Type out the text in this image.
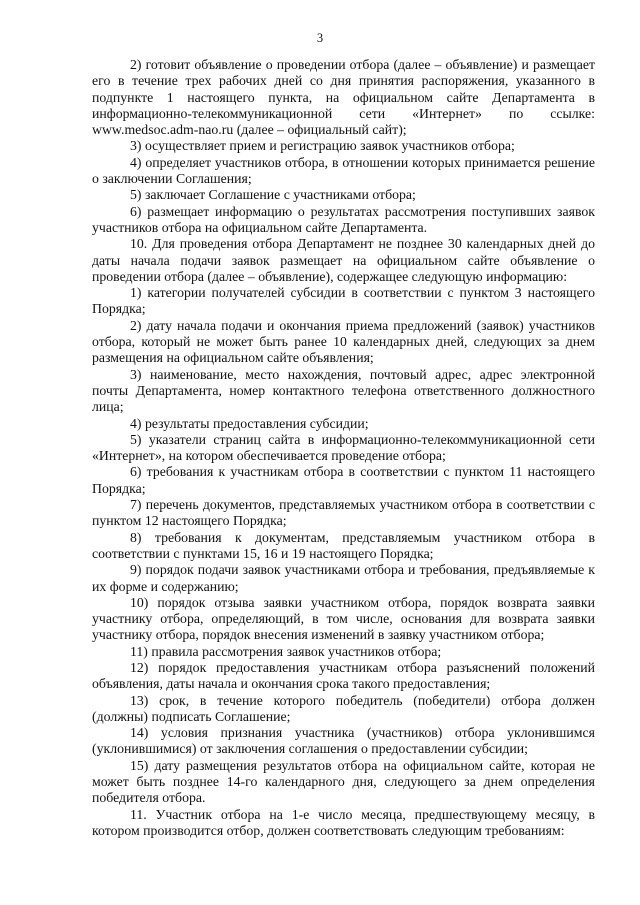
3

2) готовит объявление о проведении отбора (далее – объявление) и размещает его в течение трех рабочих дней со дня принятия распоряжения, указанного в подпункте 1 настоящего пункта, на официальном сайте Департамента в информационно-телекоммуникационной сети «Интернет» по ссылке: www.medsoc.adm-nao.ru (далее – официальный сайт);

3) осуществляет прием и регистрацию заявок участников отбора;

4) определяет участников отбора, в отношении которых принимается решение о заключении Соглашения;

5) заключает Соглашение с участниками отбора;

6) размещает информацию о результатах рассмотрения поступивших заявок участников отбора на официальном сайте Департамента.

10. Для проведения отбора Департамент не позднее 30 календарных дней до даты начала подачи заявок размещает на официальном сайте объявление о проведении отбора (далее – объявление), содержащее следующую информацию:

1) категории получателей субсидии в соответствии с пунктом 3 настоящего Порядка;

2) дату начала подачи и окончания приема предложений (заявок) участников отбора, который не может быть ранее 10 календарных дней, следующих за днем размещения на официальном сайте объявления;

3) наименование, место нахождения, почтовый адрес, адрес электронной почты Департамента, номер контактного телефона ответственного должностного лица;

4) результаты предоставления субсидии;

5) указатели страниц сайта в информационно-телекоммуникационной сети «Интернет», на котором обеспечивается проведение отбора;

6) требования к участникам отбора в соответствии с пунктом 11 настоящего Порядка;

7) перечень документов, представляемых участником отбора в соответствии с пунктом 12 настоящего Порядка;

8) требования к документам, представляемым участником отбора в соответствии с пунктами 15, 16 и 19 настоящего Порядка;

9) порядок подачи заявок участниками отбора и требования, предъявляемые к их форме и содержанию;

10) порядок отзыва заявки участником отбора, порядок возврата заявки участнику отбора, определяющий, в том числе, основания для возврата заявки участнику отбора, порядок внесения изменений в заявку участником отбора;

11) правила рассмотрения заявок участников отбора;

12) порядок предоставления участникам отбора разъяснений положений объявления, даты начала и окончания срока такого предоставления;

13) срок, в течение которого победитель (победители) отбора должен (должны) подписать Соглашение;

14) условия признания участника (участников) отбора уклонившимся (уклонившимися) от заключения соглашения о предоставлении субсидии;

15) дату размещения результатов отбора на официальном сайте, которая не может быть позднее 14-го календарного дня, следующего за днем определения победителя отбора.

11. Участник отбора на 1-е число месяца, предшествующему месяцу, в котором производится отбор, должен соответствовать следующим требованиям:
